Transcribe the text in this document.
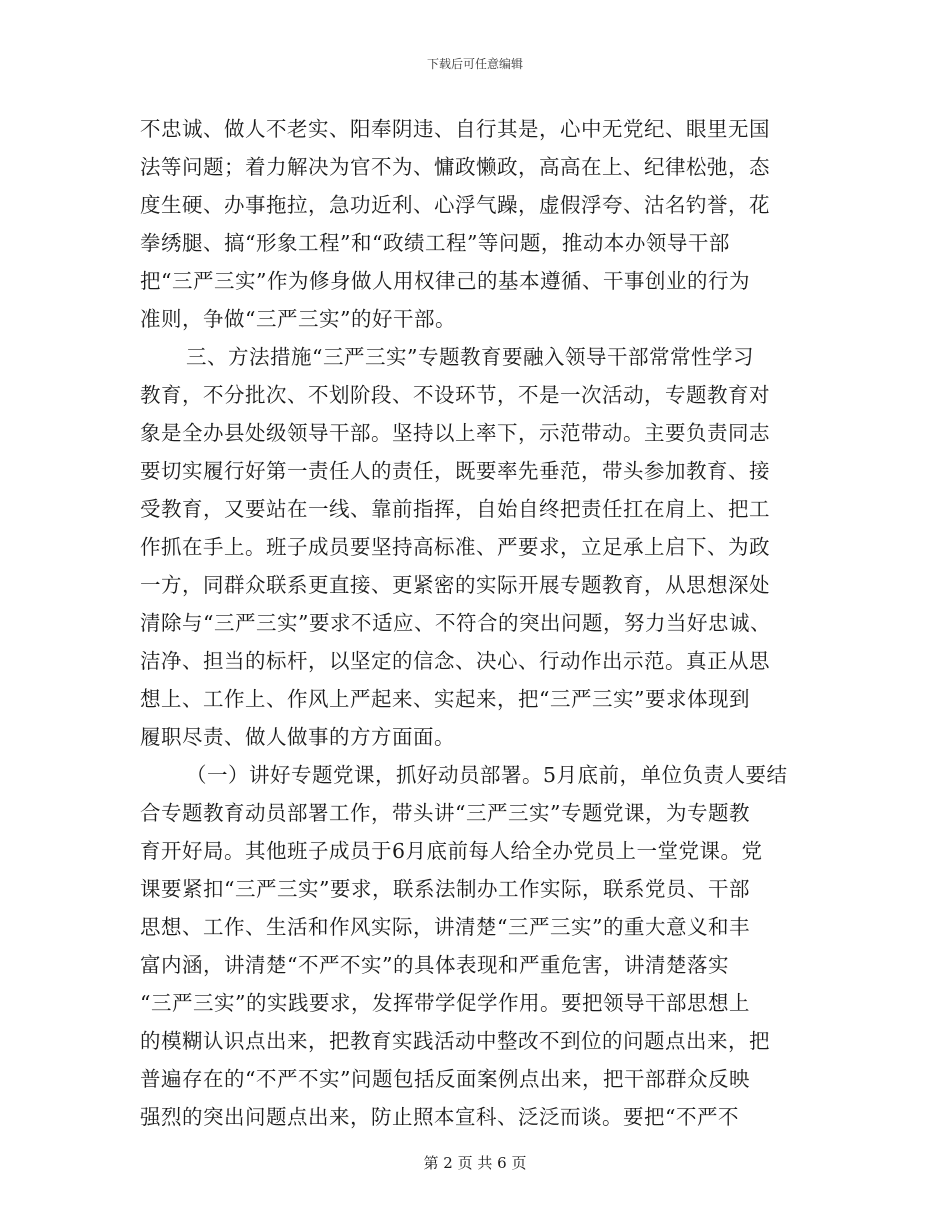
下载后可任意编辑
不忠诚、做人不老实、阳奉阴违、自行其是，心中无党纪、眼里无国
法等问题；着力解决为官不为、慵政懒政，高高在上、纪律松弛，态
度生硬、办事拖拉，急功近利、心浮气躁，虚假浮夸、沽名钓誉，花
拳绣腿、搞“形象工程”和“政绩工程”等问题，推动本办领导干部
把“三严三实”作为修身做人用权律己的基本遵循、干事创业的行为
准则，争做“三严三实”的好干部。
三、方法措施“三严三实”专题教育要融入领导干部常常性学习
教育，不分批次、不划阶段、不设环节，不是一次活动，专题教育对
象是全办县处级领导干部。坚持以上率下，示范带动。主要负责同志
要切实履行好第一责任人的责任，既要率先垂范，带头参加教育、接
受教育，又要站在一线、靠前指挥，自始自终把责任扛在肩上、把工
作抓在手上。班子成员要坚持高标准、严要求，立足承上启下、为政
一方，同群众联系更直接、更紧密的实际开展专题教育，从思想深处
清除与“三严三实”要求不适应、不符合的突出问题，努力当好忠诚、
洁净、担当的标杆，以坚定的信念、决心、行动作出示范。真正从思
想上、工作上、作风上严起来、实起来，把“三严三实”要求体现到
履职尽责、做人做事的方方面面。
（一）讲好专题党课，抓好动员部署。5月底前，单位负责人要结
合专题教育动员部署工作，带头讲“三严三实”专题党课，为专题教
育开好局。其他班子成员于6月底前每人给全办党员上一堂党课。党
课要紧扣“三严三实”要求，联系法制办工作实际，联系党员、干部
思想、工作、生活和作风实际，讲清楚“三严三实”的重大意义和丰
富内涵，讲清楚“不严不实”的具体表现和严重危害，讲清楚落实
“三严三实”的实践要求，发挥带学促学作用。要把领导干部思想上
的模糊认识点出来，把教育实践活动中整改不到位的问题点出来，把
普遍存在的“不严不实”问题包括反面案例点出来，把干部群众反映
强烈的突出问题点出来，防止照本宣科、泛泛而谈。要把“不严不
第 2 页 共 6 页
